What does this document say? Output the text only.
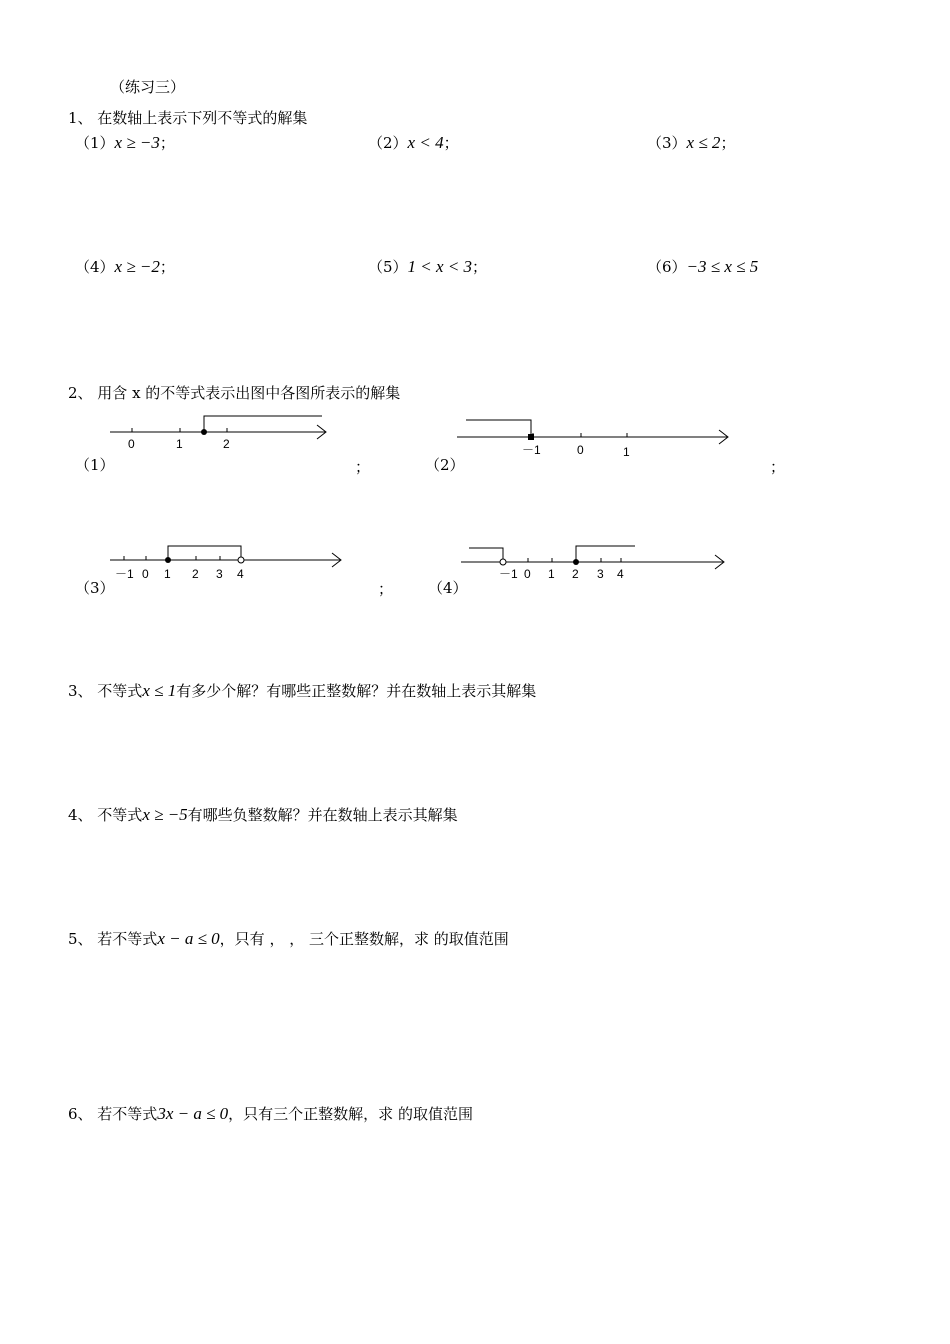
（练习三）
1、 在数轴上表示下列不等式的解集
（1）x ≥ −3；	（2）x < 4；	（3）x ≤ 2；
（4）x ≥ −2；	（5）1 < x < 3；	（6）−3 ≤ x ≤ 5
2、 用含 x 的不等式表示出图中各图所表示的解集
0	1	2
（1）	；
－1	0	1
（2）	；
－1 0 1 2 3 4
（3）	；
－1 0 1 2 3 4
（4）
3、 不等式x ≤ 1有多少个解？有哪些正整数解？并在数轴上表示其解集
4、 不等式x ≥ −5有哪些负整数解？并在数轴上表示其解集
5、 若不等式x − a ≤ 0，只有 ， ， 三个正整数解，求 的取值范围
6、 若不等式3x − a ≤ 0，只有三个正整数解，求 的取值范围
